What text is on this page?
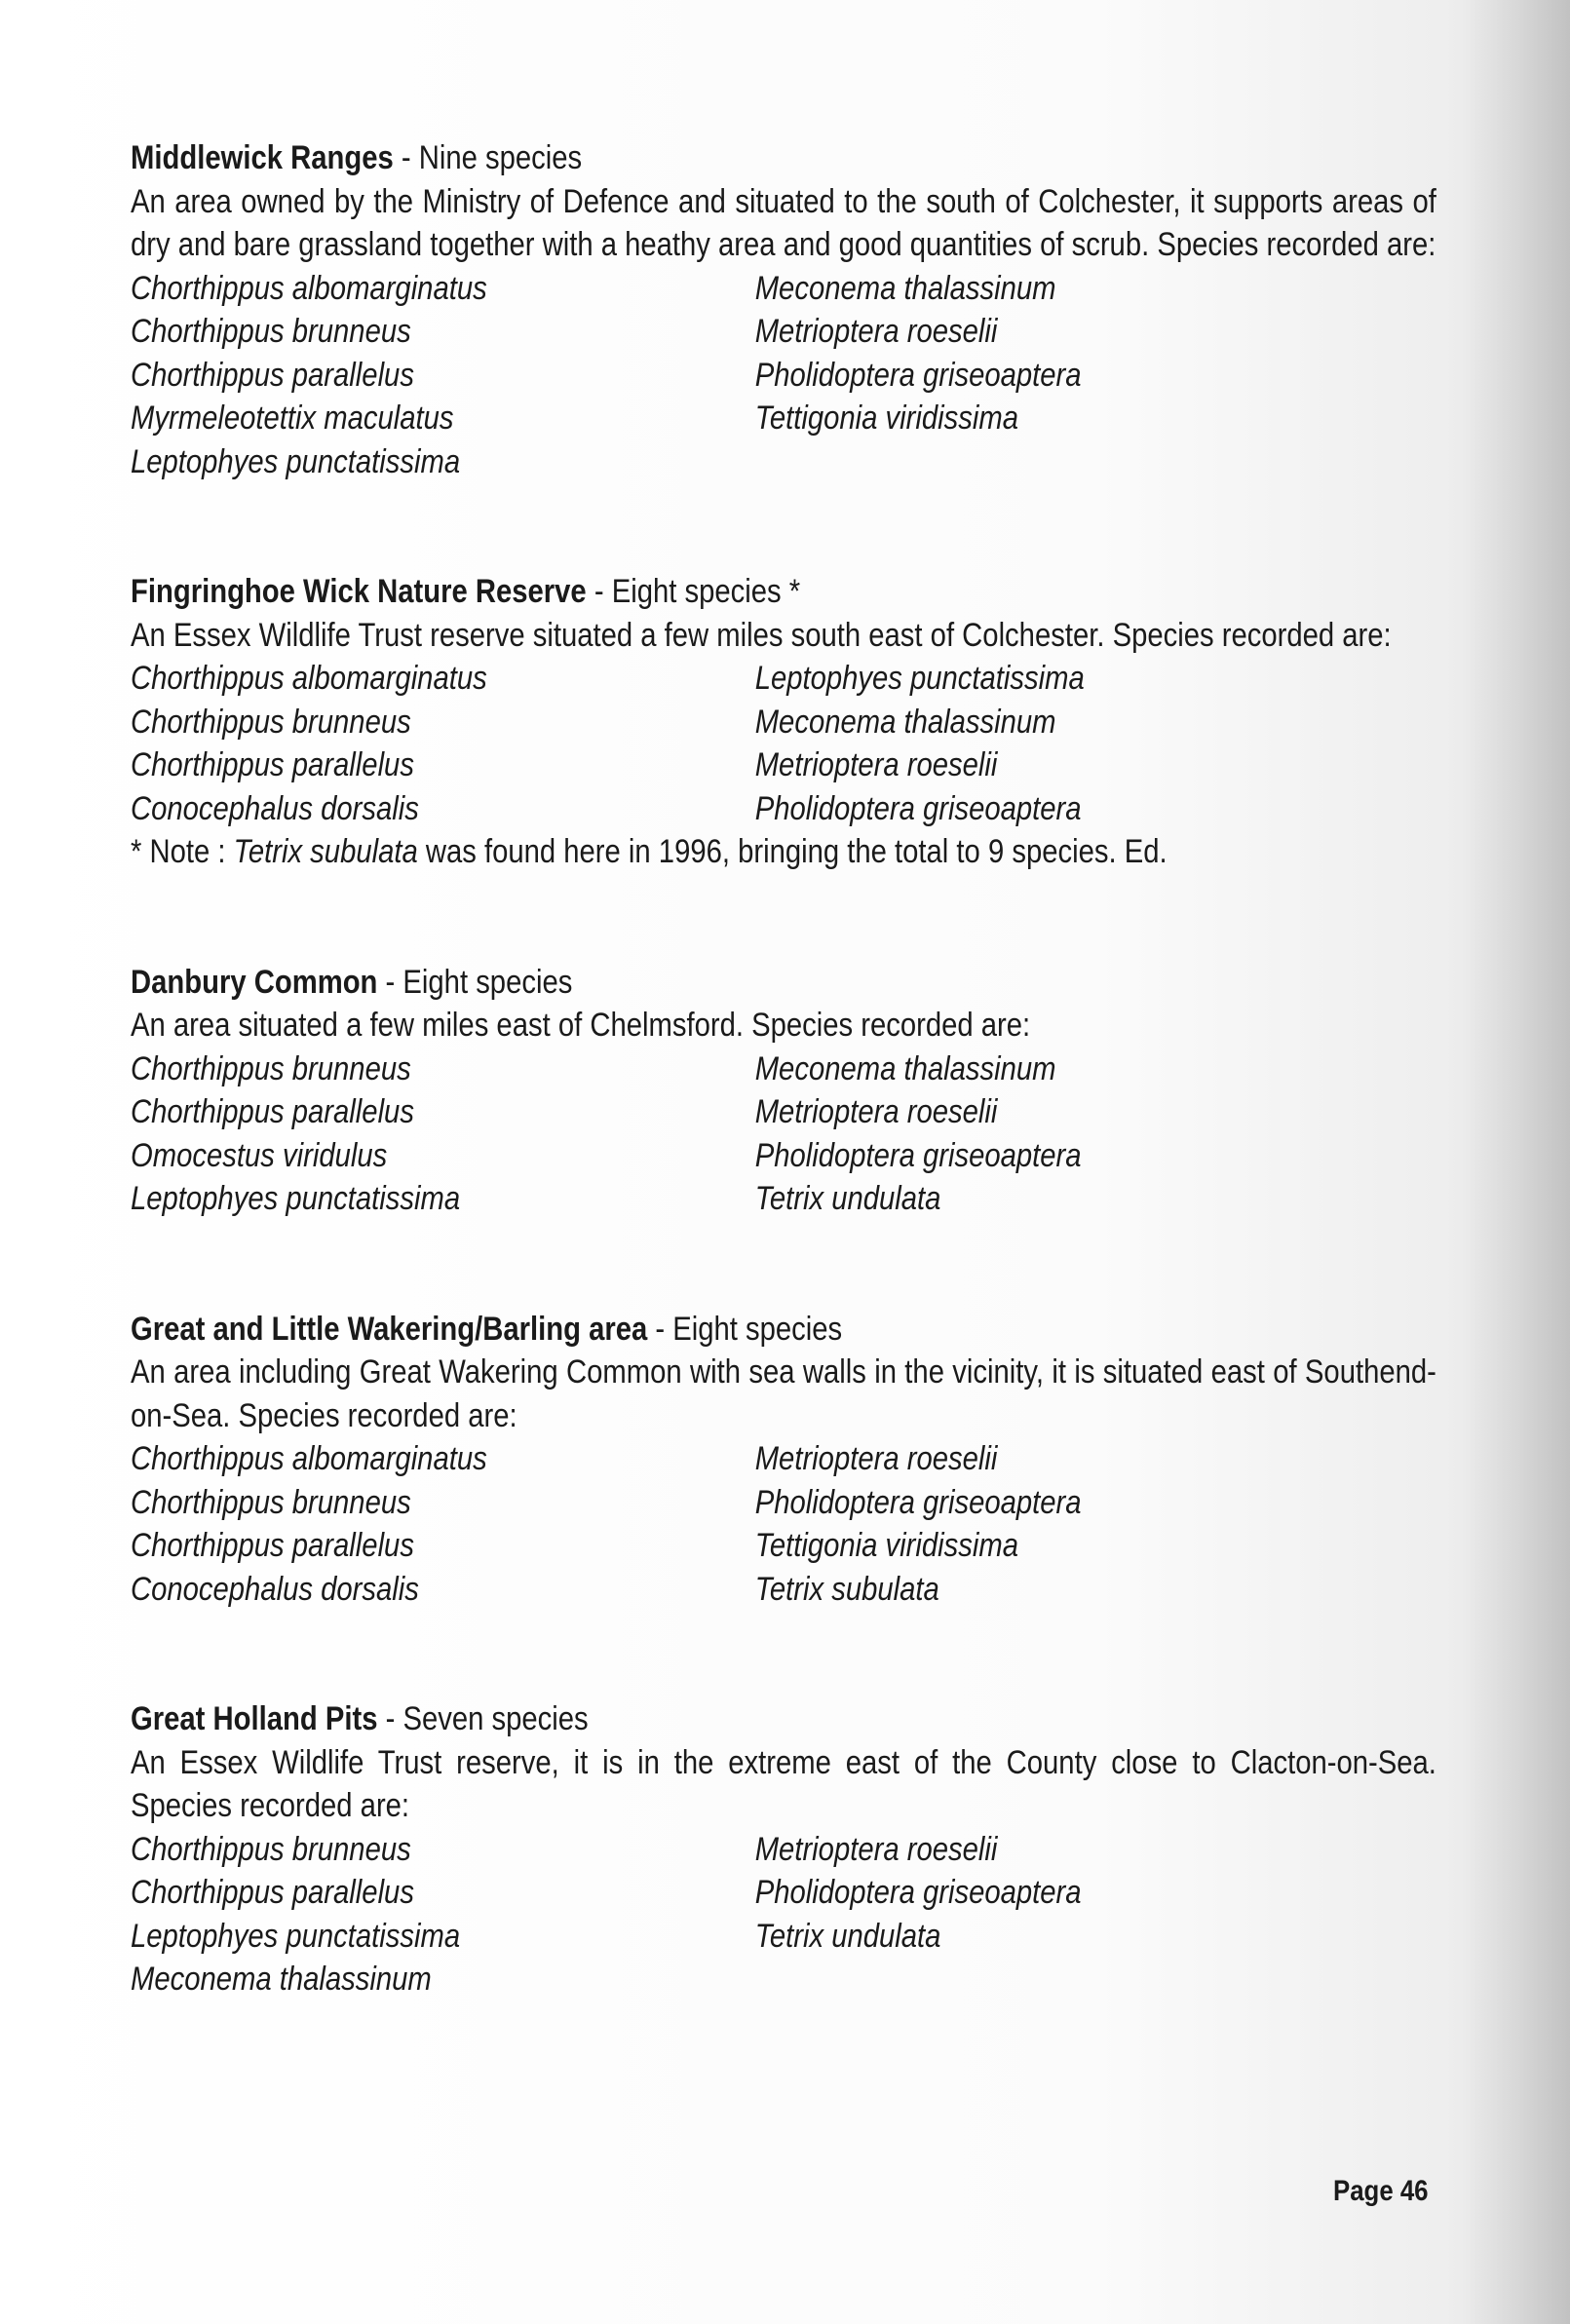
Middlewick Ranges - Nine species
An area owned by the Ministry of Defence and situated to the south of Colchester, it supports areas of dry and bare grassland together with a heathy area and good quantities of scrub. Species recorded are:
Chorthippus albomarginatus
Chorthippus brunneus
Chorthippus parallelus
Myrmeleotettix maculatus
Leptophyes punctatissima
Meconema thalassinum
Metrioptera roeselii
Pholidoptera griseoaptera
Tettigonia viridissima
Fingringhoe Wick Nature Reserve - Eight species *
An Essex Wildlife Trust reserve situated a few miles south east of Colchester. Species recorded are:
Chorthippus albomarginatus
Chorthippus brunneus
Chorthippus parallelus
Conocephalus dorsalis
Leptophyes punctatissima
Meconema thalassinum
Metrioptera roeselii
Pholidoptera griseoaptera
* Note : Tetrix subulata was found here in 1996, bringing the total to 9 species. Ed.
Danbury Common - Eight species
An area situated a few miles east of Chelmsford. Species recorded are:
Chorthippus brunneus
Chorthippus parallelus
Omocestus viridulus
Leptophyes punctatissima
Meconema thalassinum
Metrioptera roeselii
Pholidoptera griseoaptera
Tetrix undulata
Great and Little Wakering/Barling area - Eight species
An area including Great Wakering Common with sea walls in the vicinity, it is situated east of Southend-on-Sea. Species recorded are:
Chorthippus albomarginatus
Chorthippus brunneus
Chorthippus parallelus
Conocephalus dorsalis
Metrioptera roeselii
Pholidoptera griseoaptera
Tettigonia viridissima
Tetrix subulata
Great Holland Pits - Seven species
An Essex Wildlife Trust reserve, it is in the extreme east of the County close to Clacton-on-Sea. Species recorded are:
Chorthippus brunneus
Chorthippus parallelus
Leptophyes punctatissima
Meconema thalassinum
Metrioptera roeselii
Pholidoptera griseoaptera
Tetrix undulata
Page 46
